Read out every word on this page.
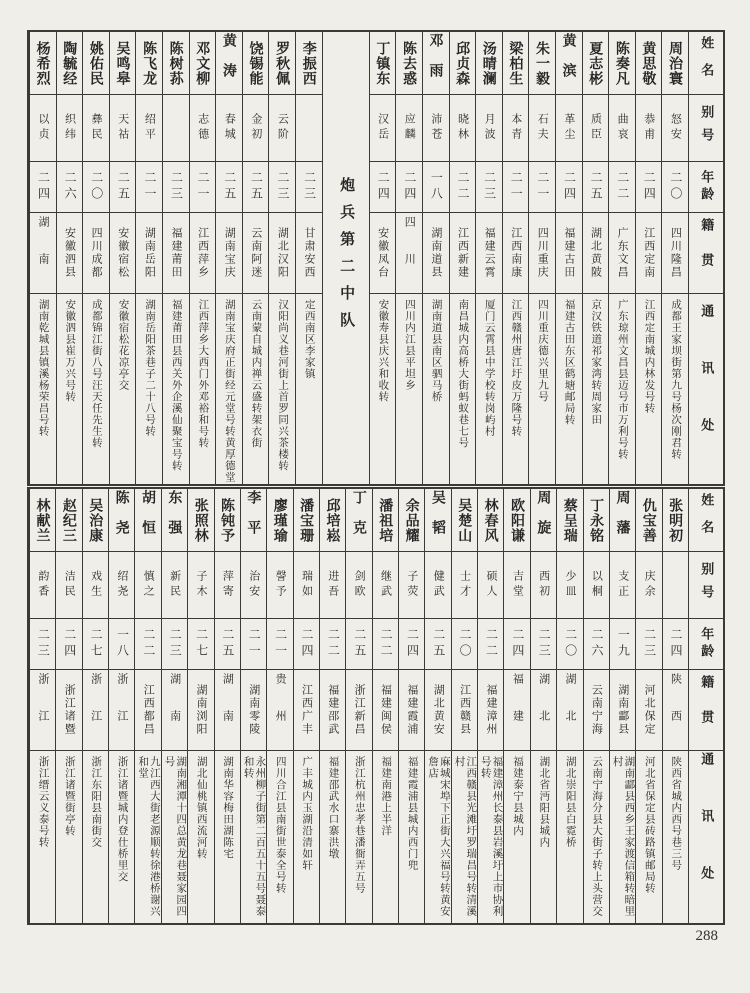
姓名
别号
年龄
籍贯
通讯处
周治寰
怒安
二〇
四川隆昌
成都王家坝街第九号杨次刚君转
黄思敬
恭甫
二四
江西定南
江西定南城内林发号转
陈奏凡
曲哀
二二
广东文昌
广东琼州文昌县迈号市万利号转
夏志彬
质臣
二五
湖北黄陂
京汉铁道祁家湾转周家田
黄滨
革尘
二四
福建古田
福建古田东区鹤塘邮局转
朱一毅
石夫
二一
四川重庆
四川重庆德兴里九号
梁柏生
本青
二一
江西南康
江西赣州唐江圩皮万隆号转
汤晴澜
月波
二三
福建云霄
厦门云霄县中学校转岗屿村
邱贞森
晓林
二二
江西新建
南昌城内高桥大街蚂蚁巷七号
邓雨
沛苍
一八
湖南道县
湖南道县南区驷马桥
陈去惑
应麟
二四
四川
四川内江县平坦乡
丁镇东
汉岳
二四
安徽凤台
安徽寿县庆兴和收转
炮兵第二中队
李振西
二三
甘肃安西
定西南区李家镇
罗秋佩
云阶
二三
湖北汉阳
汉阳尚义巷河街上首罗同兴茶楼转
饶锡能
金初
二五
云南阿迷
云南蒙自城内禅云盛转架衣街
黄涛
春城
二五
湖南宝庆
湖南宝庆府正街经元堂号转黄厚德堂
邓文柳
志德
二一
江西萍乡
江西萍乡大西门外邓裕和号转
陈树荪
二三
福建莆田
福建莆田县西关外企溪仙聚宝号转
陈飞龙
绍平
二一
湖南岳阳
湖南岳阳茶巷子二十八号转
吴鸣皋
天祜
二五
安徽宿松
安徽宿松花凉亭交
姚佑民
彝民
二〇
四川成都
成都锦江街八号汪天任先生转
陶毓经
织纬
二六
安徽泗县
安徽泗县崔万兴号转
杨希烈
以贞
二四
湖南
湖南乾城县镇溪杨荣昌号转
姓名
别号
年龄
籍贯
通讯处
张明初
二四
陕西
陕西省城内西号巷三号
仇宝善
庆余
二三
河北保定
河北省保定县砖路镇邮局转
周藩
支正
一九
湖南酃县
湖南酃县西乡王家渡信箱转暗里村
丁永铭
以桐
二六
云南宁海
云南宁海分县大街子转上头营交
蔡呈瑞
少皿
二〇
湖北
湖北崇阳县白霓桥
周旋
西初
二三
湖北
湖北省沔阳县城内
欧阳谦
吉堂
二四
福建
福建泰宁县城内
林春风
硕人
二二
福建漳州
福建漳州长泰县岩溪圩上市协利号转
吴楚山
士才
二〇
江西赣县
江西赣县光滩圩罗瑞昌号转清溪村
吴韬
健武
二五
湖北黄安
麻城宋埠下正街大兴福号转黄安詹店
余品耀
子荧
二四
福建霞浦
福建霞浦县城内西门兜
潘祖培
继武
二二
福建闽侯
福建南港上半洋
丁克
剑欧
二五
浙江新昌
浙江杭州忠孝巷潘衙弄五号
邱培崧
进吾
二二
福建邵武
福建邵武水口寨洪墩
潘宝珊
瑞如
二四
江西广丰
广丰城内玉湖沿清如轩
廖瑾瑜
謦予
二一
贵州
四川合江县南街世泰全号转
李平
治安
二一
湖南零陵
永州柳子街第二百五十五号聂泰和转
陈钝予
萍寄
二五
湖南
湖南华容梅田湖陈宅
张照林
子木
二七
湖南浏阳
湖北仙桃镇西流河转
东强
新民
二三
湖南
湖南湘潭十四总黄龙巷聂家园四号
胡恒
慎之
二二
江西都昌
九江西大街老源顺转徐港桥谢兴和堂
陈尧
绍尧
一八
浙江
浙江诸暨城内登仕桥里交
吴治康
戏生
二七
浙江
浙江东阳县南街交
赵纪三
洁民
二四
浙江诸暨
浙江诸暨街亭转
林献兰
韵香
二三
浙江
浙江缙云义泰号转
288
